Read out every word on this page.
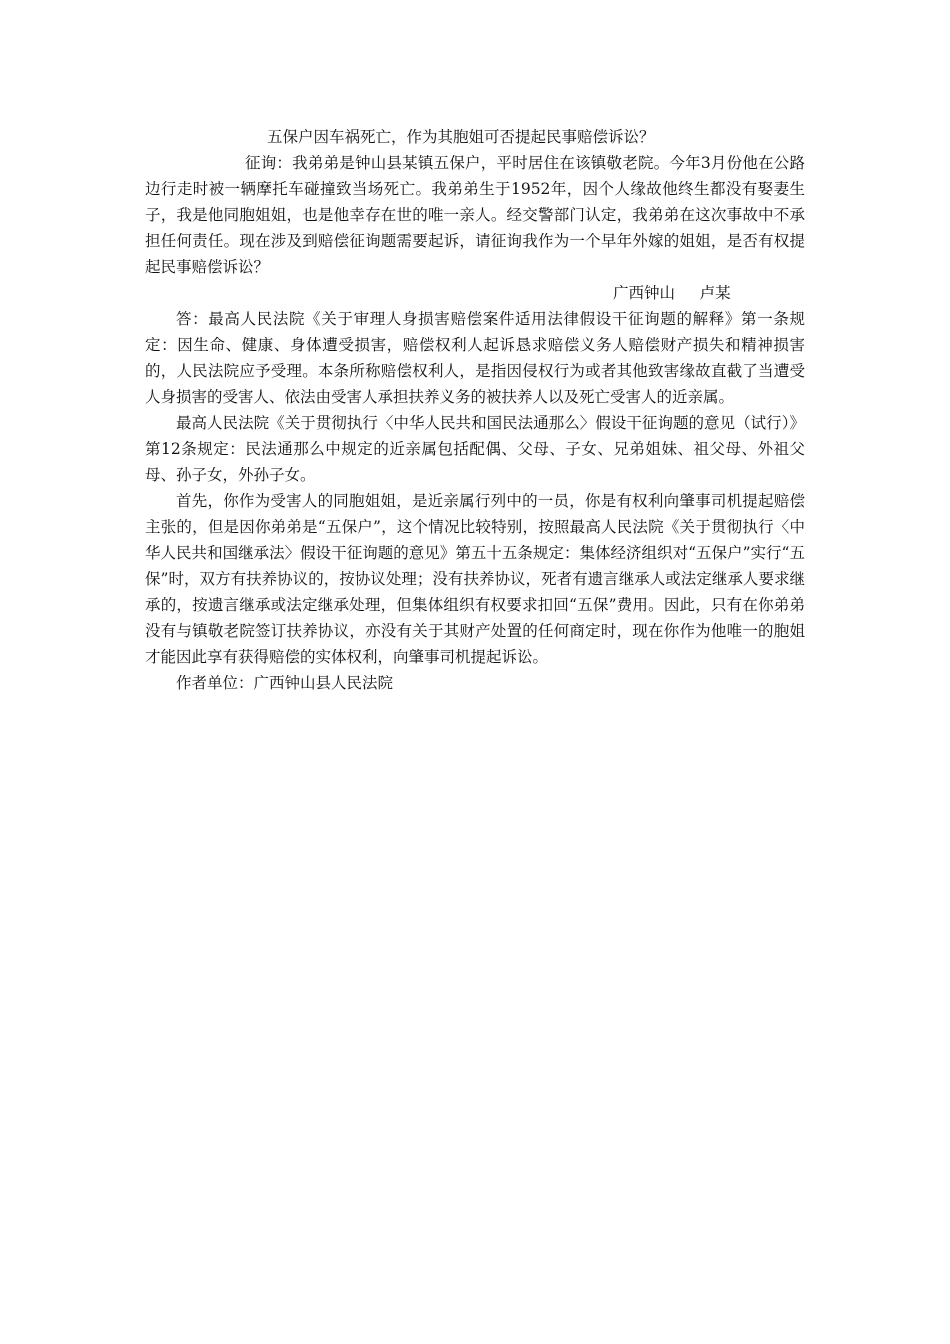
五保户因车祸死亡，作为其胞姐可否提起民事赔偿诉讼？

征询：我弟弟是钟山县某镇五保户，平时居住在该镇敬老院。今年3月份他在公路边行走时被一辆摩托车碰撞致当场死亡。我弟弟生于1952年，因个人缘故他终生都没有娶妻生子，我是他同胞姐姐，也是他幸存在世的唯一亲人。经交警部门认定，我弟弟在这次事故中不承担任何责任。现在涉及到赔偿征询题需要起诉，请征询我作为一个早年外嫁的姐姐，是否有权提起民事赔偿诉讼？

广西钟山 卢某

答：最高人民法院《关于审理人身损害赔偿案件适用法律假设干征询题的解释》第一条规定：因生命、健康、身体遭受损害，赔偿权利人起诉恳求赔偿义务人赔偿财产损失和精神损害的，人民法院应予受理。本条所称赔偿权利人，是指因侵权行为或者其他致害缘故直截了当遭受人身损害的受害人、依法由受害人承担扶养义务的被扶养人以及死亡受害人的近亲属。

最高人民法院《关于贯彻执行〈中华人民共和国民法通那么〉假设干征询题的意见（试行）》第12条规定：民法通那么中规定的近亲属包括配偶、父母、子女、兄弟姐妹、祖父母、外祖父母、孙子女，外孙子女。

首先，你作为受害人的同胞姐姐，是近亲属行列中的一员，你是有权利向肇事司机提起赔偿主张的，但是因你弟弟是“五保户”，这个情况比较特别，按照最高人民法院《关于贯彻执行〈中华人民共和国继承法〉假设干征询题的意见》第五十五条规定：集体经济组织对“五保户”实行“五保”时，双方有扶养协议的，按协议处理；没有扶养协议，死者有遗言继承人或法定继承人要求继承的，按遗言继承或法定继承处理，但集体组织有权要求扣回“五保”费用。因此，只有在你弟弟没有与镇敬老院签订扶养协议，亦没有关于其财产处置的任何商定时，现在你作为他唯一的胞姐才能因此享有获得赔偿的实体权利，向肇事司机提起诉讼。

作者单位：广西钟山县人民法院
